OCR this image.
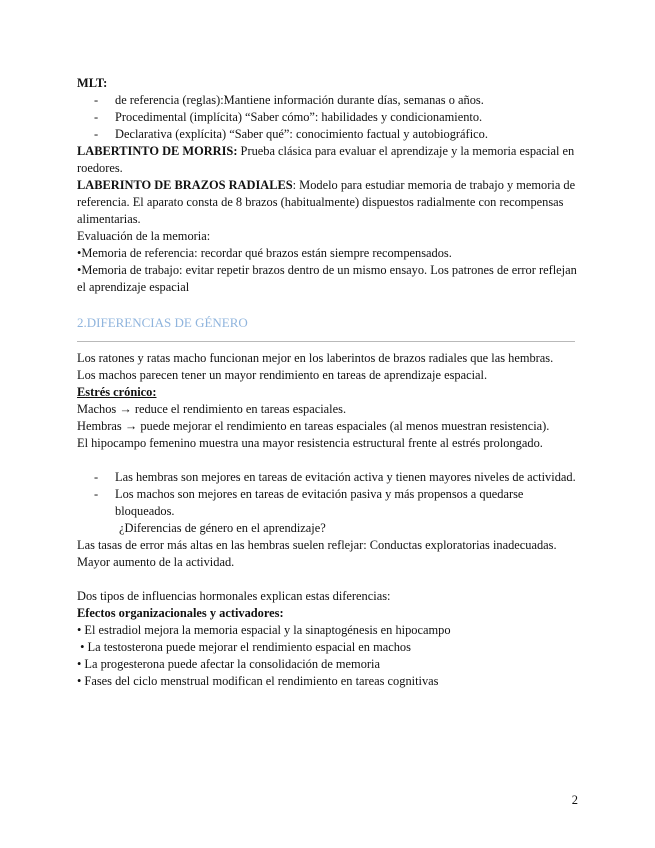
MLT:
- de referencia (reglas):Mantiene información durante días, semanas o años.
- Procedimental (implícita) “Saber cómo”: habilidades y condicionamiento.
- Declarativa (explícita) “Saber qué”: conocimiento factual y autobiográfico.
LABERTINTO DE MORRIS: Prueba clásica para evaluar el aprendizaje y la memoria espacial en roedores.
LABERINTO DE BRAZOS RADIALES: Modelo para estudiar memoria de trabajo y memoria de referencia. El aparato consta de 8 brazos (habitualmente) dispuestos radialmente con recompensas alimentarias.
Evaluación de la memoria:
•Memoria de referencia: recordar qué brazos están siempre recompensados.
•Memoria de trabajo: evitar repetir brazos dentro de un mismo ensayo. Los patrones de error reflejan el aprendizaje espacial
2.DIFERENCIAS DE GÉNERO
Los ratones y ratas macho funcionan mejor en los laberintos de brazos radiales que las hembras.
Los machos parecen tener un mayor rendimiento en tareas de aprendizaje espacial.
Estrés crónico:
Machos → reduce el rendimiento en tareas espaciales.
Hembras → puede mejorar el rendimiento en tareas espaciales (al menos muestran resistencia).
El hipocampo femenino muestra una mayor resistencia estructural frente al estrés prolongado.
- Las hembras son mejores en tareas de evitación activa y tienen mayores niveles de actividad.
- Los machos son mejores en tareas de evitación pasiva y más propensos a quedarse bloqueados.
¿Diferencias de género en el aprendizaje?
Las tasas de error más altas en las hembras suelen reflejar: Conductas exploratorias inadecuadas.
Mayor aumento de la actividad.
Dos tipos de influencias hormonales explican estas diferencias:
Efectos organizacionales y activadores:
• El estradiol mejora la memoria espacial y la sinaptogénesis en hipocampo
• La testosterona puede mejorar el rendimiento espacial en machos
• La progesterona puede afectar la consolidación de memoria
• Fases del ciclo menstrual modifican el rendimiento en tareas cognitivas
2
